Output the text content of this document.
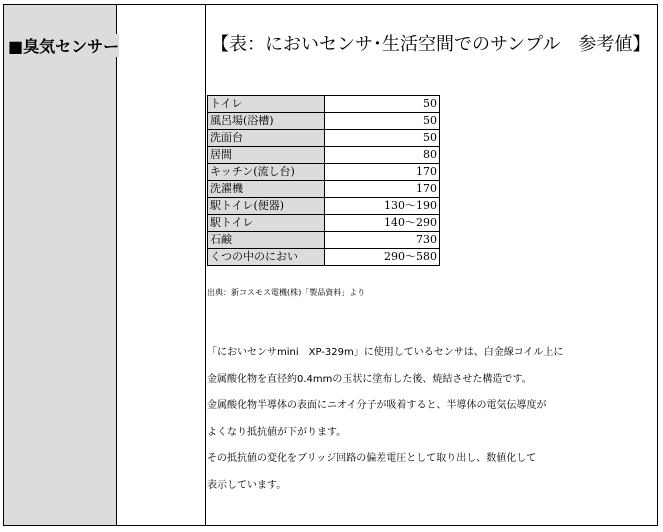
■臭気センサー	【表：においセンサ･生活空間でのサンプル　参考値】
トイレ	50
風呂場(浴槽)	50
洗面台	50
居間	80
キッチン(流し台)	170
洗濯機	170
駅トイレ(便器)	130～190
駅トイレ	140～290
石鹸	730
くつの中のにおい	290～580
出典：新コスモス電機(株)「製品資料」より
「においセンサmini　XP-329m」に使用しているセンサは、白金線コイル上に
金属酸化物を直径約0.4mmの玉状に塗布した後、焼結させた構造です。
金属酸化物半導体の表面にニオイ分子が吸着すると、半導体の電気伝導度が
よくなり抵抗値が下がります。
その抵抗値の変化をブリッジ回路の偏差電圧として取り出し、数値化して
表示しています。
